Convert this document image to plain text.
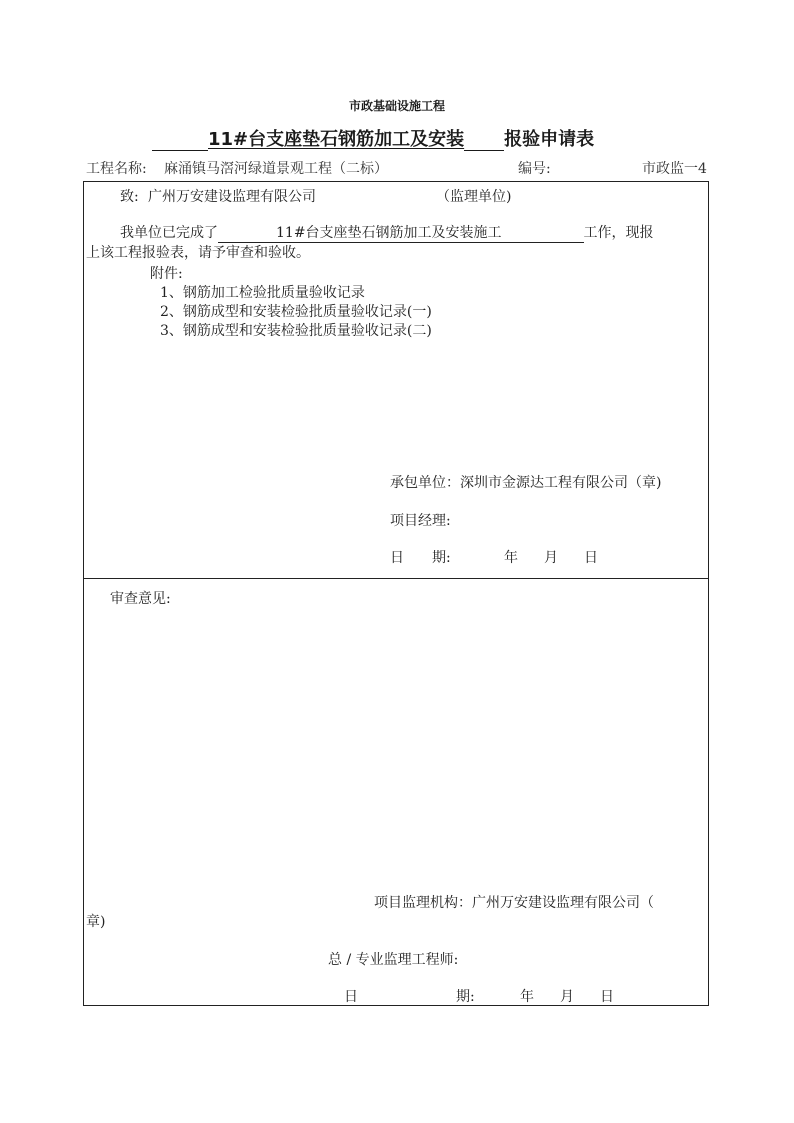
市政基础设施工程
11#台支座垫石钢筋加工及安装 报验申请表
工程名称: 麻涌镇马滘河绿道景观工程（二标）	编号:	市政监一4
致: 广州万安建设监理有限公司	（监理单位)
我单位已完成了	11#台支座垫石钢筋加工及安装施工	工作，现报
上该工程报验表，请予审查和验收。
附件:
1、钢筋加工检验批质量验收记录
2、钢筋成型和安装检验批质量验收记录(一)
3、钢筋成型和安装检验批质量验收记录(二)
承包单位：深圳市金源达工程有限公司（章)
项目经理:
日　　期:	年 月 日
审查意见:
项目监理机构：广州万安建设监理有限公司（
章)
总 / 专业监理工程师:
日	期:	年 月 日
